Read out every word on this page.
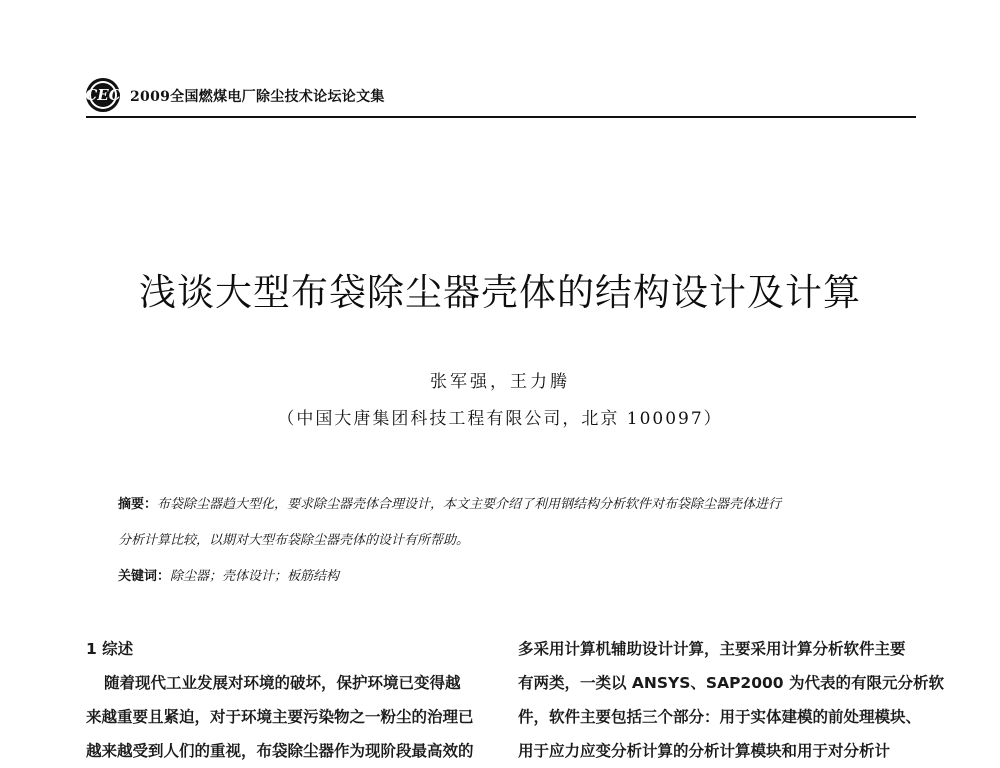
CEC 2009全国燃煤电厂除尘技术论坛论文集
浅谈大型布袋除尘器壳体的结构设计及计算
张军强，王力腾
（中国大唐集团科技工程有限公司，北京 100097）
摘要：布袋除尘器趋大型化，要求除尘器壳体合理设计，本文主要介绍了利用钢结构分析软件对布袋除尘器壳体进行
分析计算比较，以期对大型布袋除尘器壳体的设计有所帮助。
关键词：除尘器；壳体设计；板筋结构
1 综述
随着现代工业发展对环境的破坏，保护环境已变得越
来越重要且紧迫，对于环境主要污染物之一粉尘的治理已
越来越受到人们的重视，布袋除尘器作为现阶段最高效的
多采用计算机辅助设计计算，主要采用计算分析软件主要
有两类，一类以 ANSYS、SAP2000 为代表的有限元分析软
件，软件主要包括三个部分：用于实体建模的前处理模块、
用于应力应变分析计算的分析计算模块和用于对分析计
